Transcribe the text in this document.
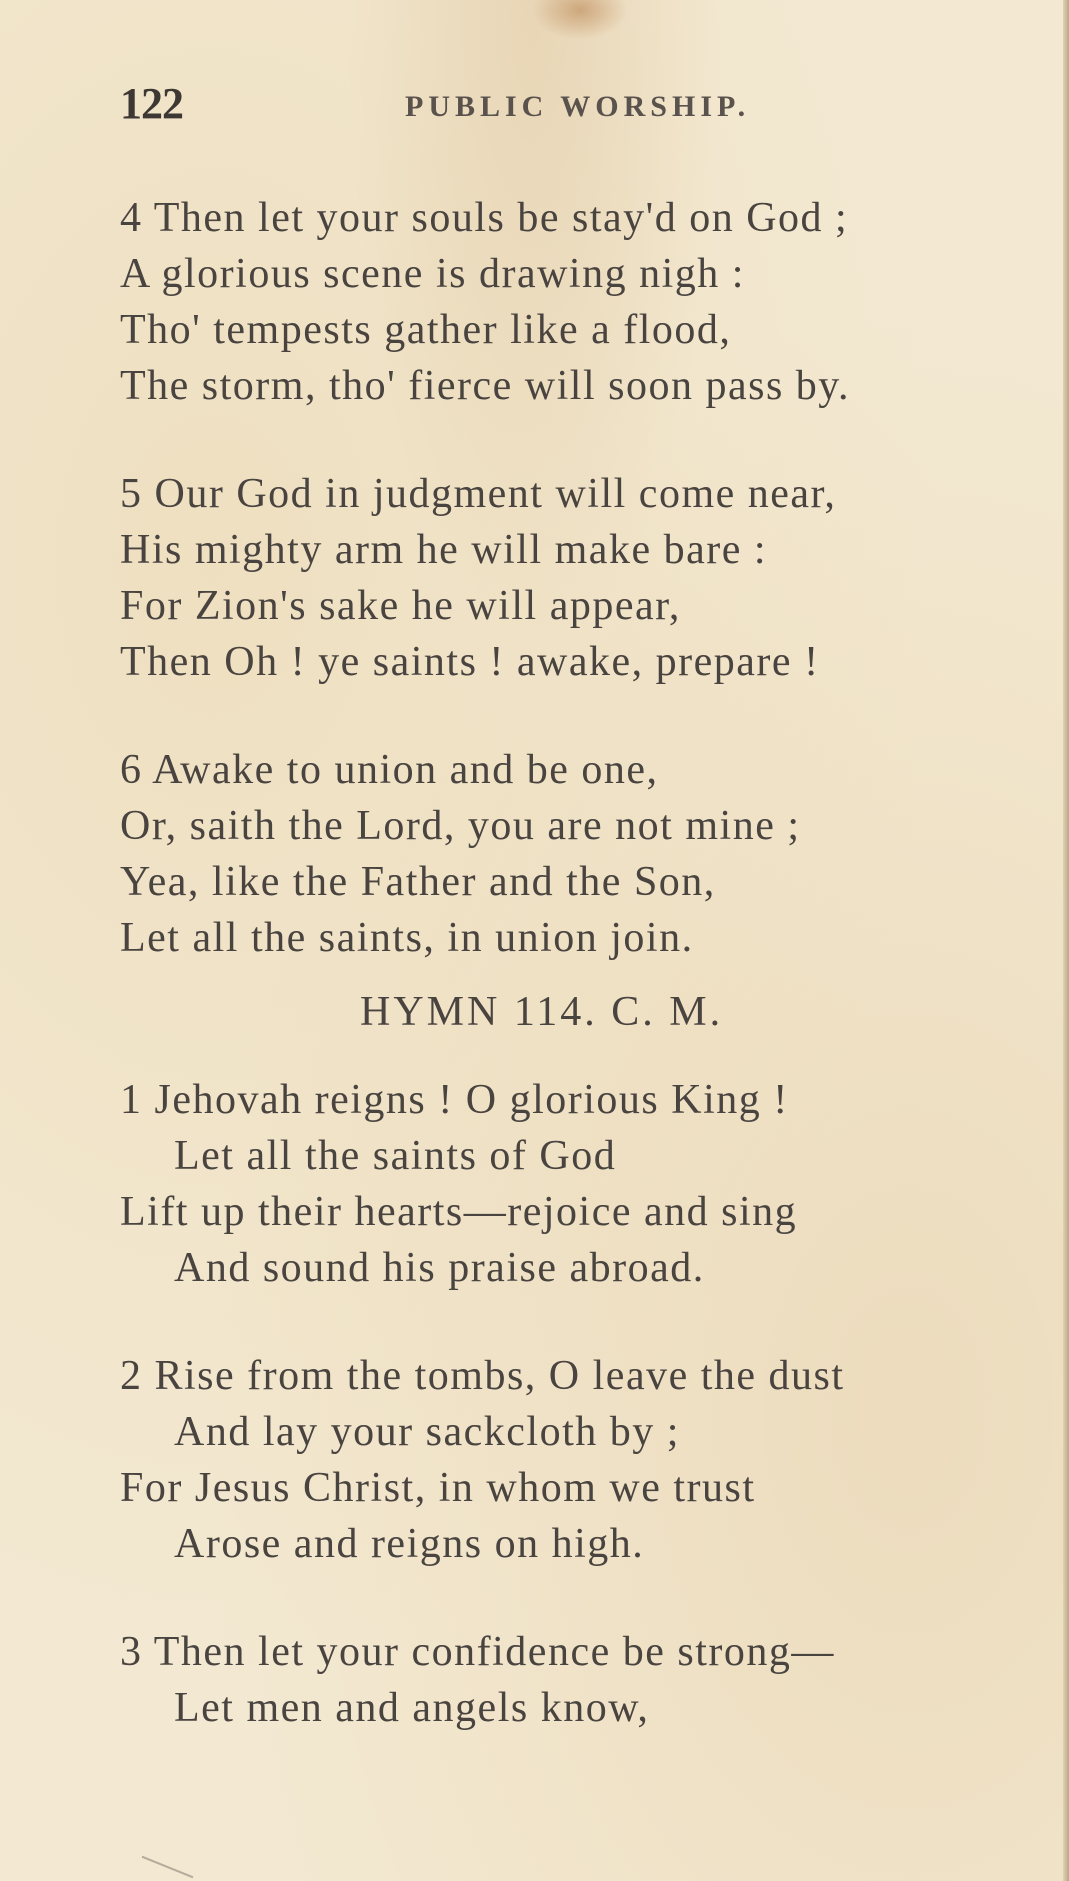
122	PUBLIC WORSHIP.
4 Then let your souls be stay'd on God ;
A glorious scene is drawing nigh :
Tho' tempests gather like a flood,
The storm, tho' fierce will soon pass by.
5 Our God in judgment will come near,
His mighty arm he will make bare :
For Zion's sake he will appear,
Then Oh ! ye saints ! awake, prepare !
6 Awake to union and be one,
Or, saith the Lord, you are not mine ;
Yea, like the Father and the Son,
Let all the saints, in union join.
HYMN 114. C. M.
1 Jehovah reigns ! O glorious King !
Let all the saints of God
Lift up their hearts—rejoice and sing
And sound his praise abroad.
2 Rise from the tombs, O leave the dust
And lay your sackcloth by ;
For Jesus Christ, in whom we trust
Arose and reigns on high.
3 Then let your confidence be strong—
Let men and angels know,
